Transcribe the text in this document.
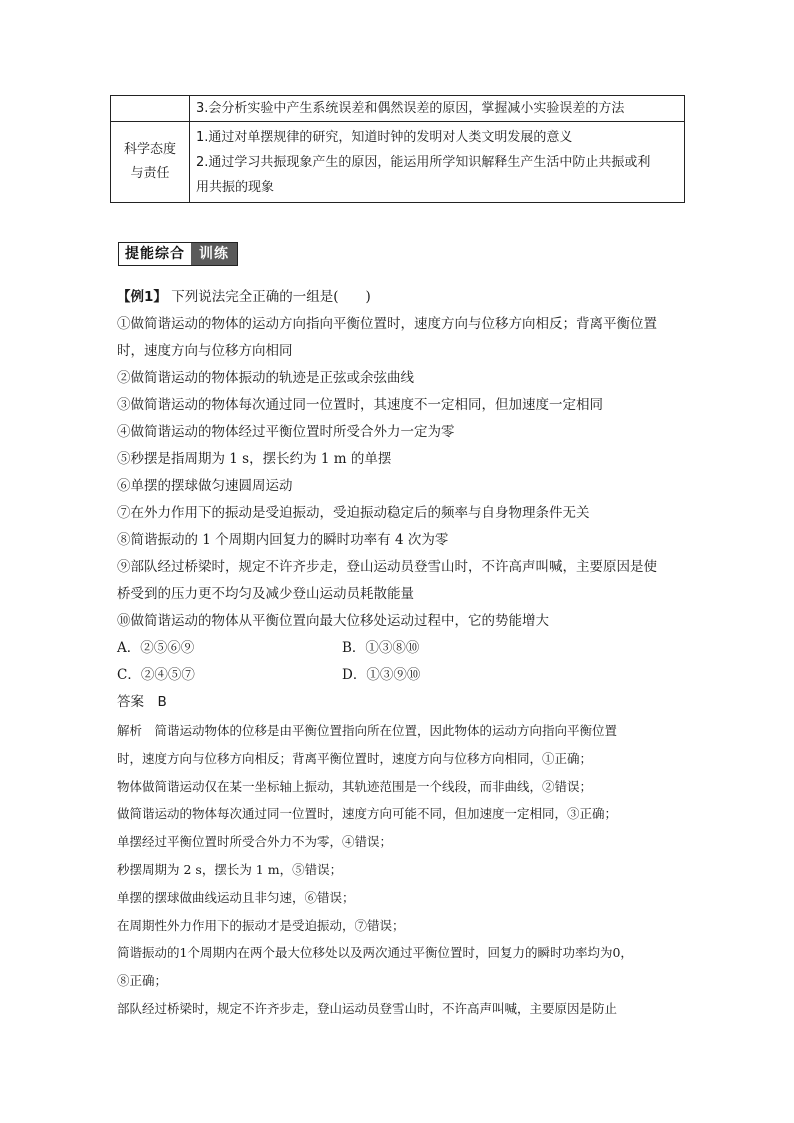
	3.会分析实验中产生系统误差和偶然误差的原因，掌握减小实验误差的方法

科学态度
与责任	1.通过对单摆规律的研究，知道时钟的发明对人类文明发展的意义
2.通过学习共振现象产生的原因，能运用所学知识解释生产生活中防止共振或利
用共振的现象
提能综合	训练
【例1】 下列说法完全正确的一组是(　　)
①做简谐运动的物体的运动方向指向平衡位置时，速度方向与位移方向相反；背离平衡位置
时，速度方向与位移方向相同
②做简谐运动的物体振动的轨迹是正弦或余弦曲线
③做简谐运动的物体每次通过同一位置时，其速度不一定相同，但加速度一定相同
④做简谐运动的物体经过平衡位置时所受合外力一定为零
⑤秒摆是指周期为 1 s，摆长约为 1 m 的单摆
⑥单摆的摆球做匀速圆周运动
⑦在外力作用下的振动是受迫振动，受迫振动稳定后的频率与自身物理条件无关
⑧简谐振动的 1 个周期内回复力的瞬时功率有 4 次为零
⑨部队经过桥梁时，规定不许齐步走，登山运动员登雪山时，不许高声叫喊，主要原因是使
桥受到的压力更不均匀及减少登山运动员耗散能量
⑩做简谐运动的物体从平衡位置向最大位移处运动过程中，它的势能增大
A．②⑤⑥⑨	B．①③⑧⑩
C．②④⑤⑦	D．①③⑨⑩
答案　B
解析　简谐运动物体的位移是由平衡位置指向所在位置，因此物体的运动方向指向平衡位置
时，速度方向与位移方向相反；背离平衡位置时，速度方向与位移方向相同，①正确；
物体做简谐运动仅在某一坐标轴上振动，其轨迹范围是一个线段，而非曲线，②错误；
做简谐运动的物体每次通过同一位置时，速度方向可能不同，但加速度一定相同，③正确；
单摆经过平衡位置时所受合外力不为零，④错误；
秒摆周期为 2 s，摆长为 1 m，⑤错误；
单摆的摆球做曲线运动且非匀速，⑥错误；
在周期性外力作用下的振动才是受迫振动，⑦错误；
简谐振动的1个周期内在两个最大位移处以及两次通过平衡位置时，回复力的瞬时功率均为0，
⑧正确；
部队经过桥梁时，规定不许齐步走，登山运动员登雪山时，不许高声叫喊，主要原因是防止
